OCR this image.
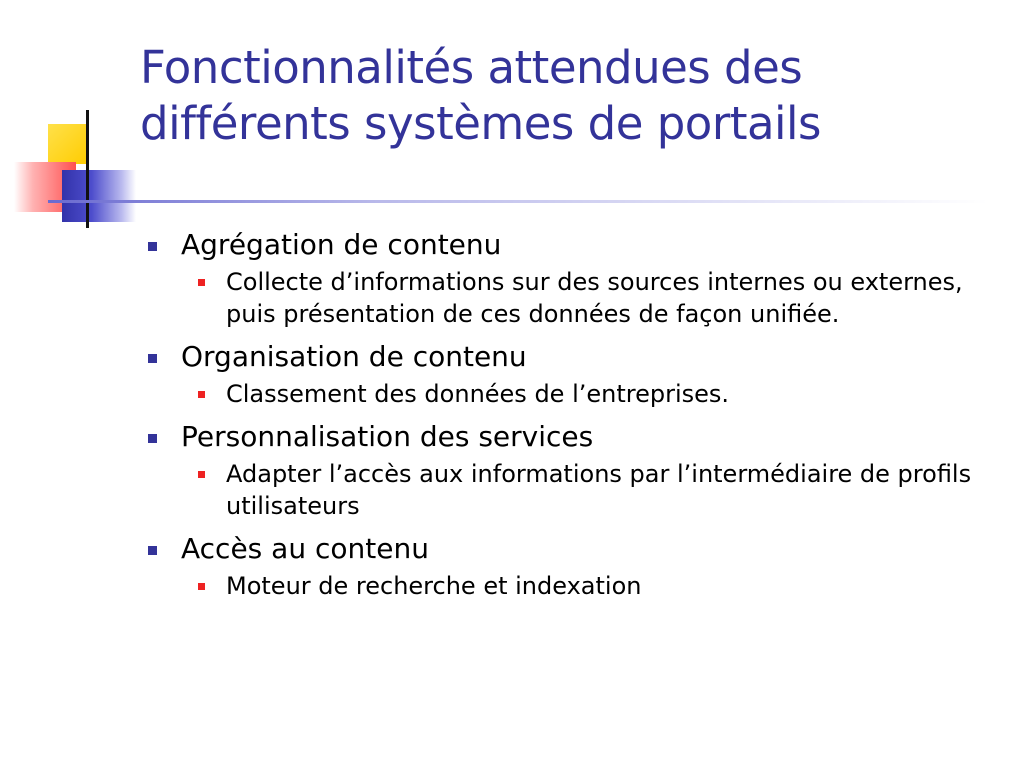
Fonctionnalités attendues des
différents systèmes de portails
Agrégation de contenu
Collecte d’informations sur des sources internes ou externes, puis présentation de ces données de façon unifiée.
Organisation de contenu
Classement des données de l’entreprises.
Personnalisation des services
Adapter l’accès aux informations par l’intermédiaire de profils utilisateurs
Accès au contenu
Moteur de recherche et indexation
